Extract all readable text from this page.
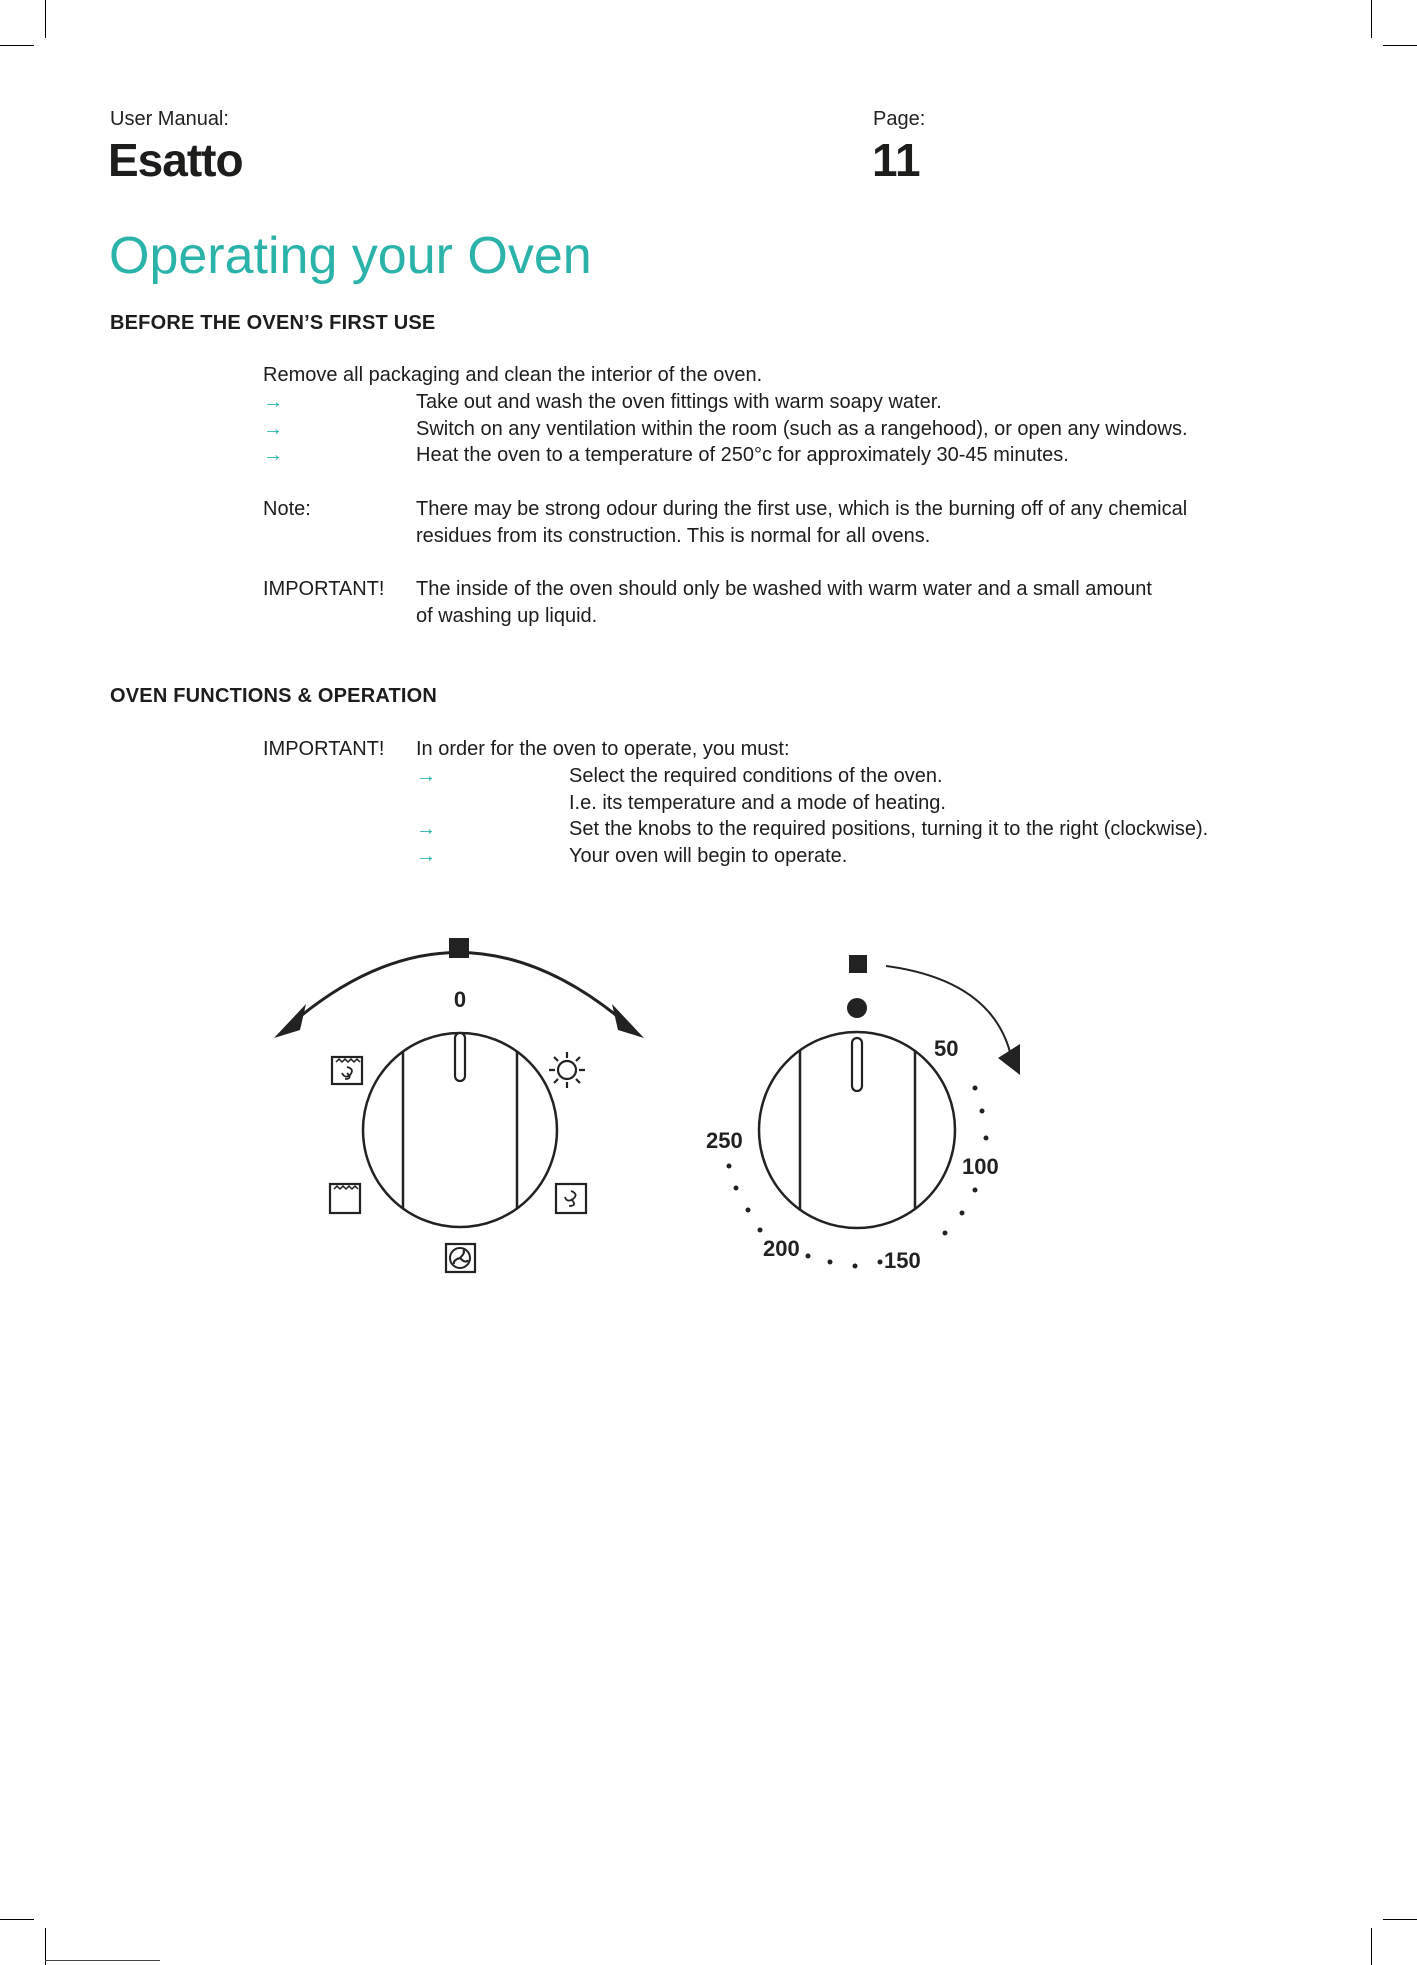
User Manual:
Esatto
Page:
11
Operating your Oven
BEFORE THE OVEN’S FIRST USE
Remove all packaging and clean the interior of the oven.
→	Take out and wash the oven fittings with warm soapy water.
→	Switch on any ventilation within the room (such as a rangehood), or open any windows.
→	Heat the oven to a temperature of 250°c for approximately 30-45 minutes.
Note:	There may be strong odour during the first use, which is the burning off of any chemical
residues from its construction. This is normal for all ovens.
IMPORTANT! The inside of the oven should only be washed with warm water and a small amount
of washing up liquid.
OVEN FUNCTIONS & OPERATION
IMPORTANT! In order for the oven to operate, you must:
→	Select the required conditions of the oven.
I.e. its temperature and a mode of heating.
→	Set the knobs to the required positions, turning it to the right (clockwise).
→	Your oven will begin to operate.
0
50
100
150
200
250
